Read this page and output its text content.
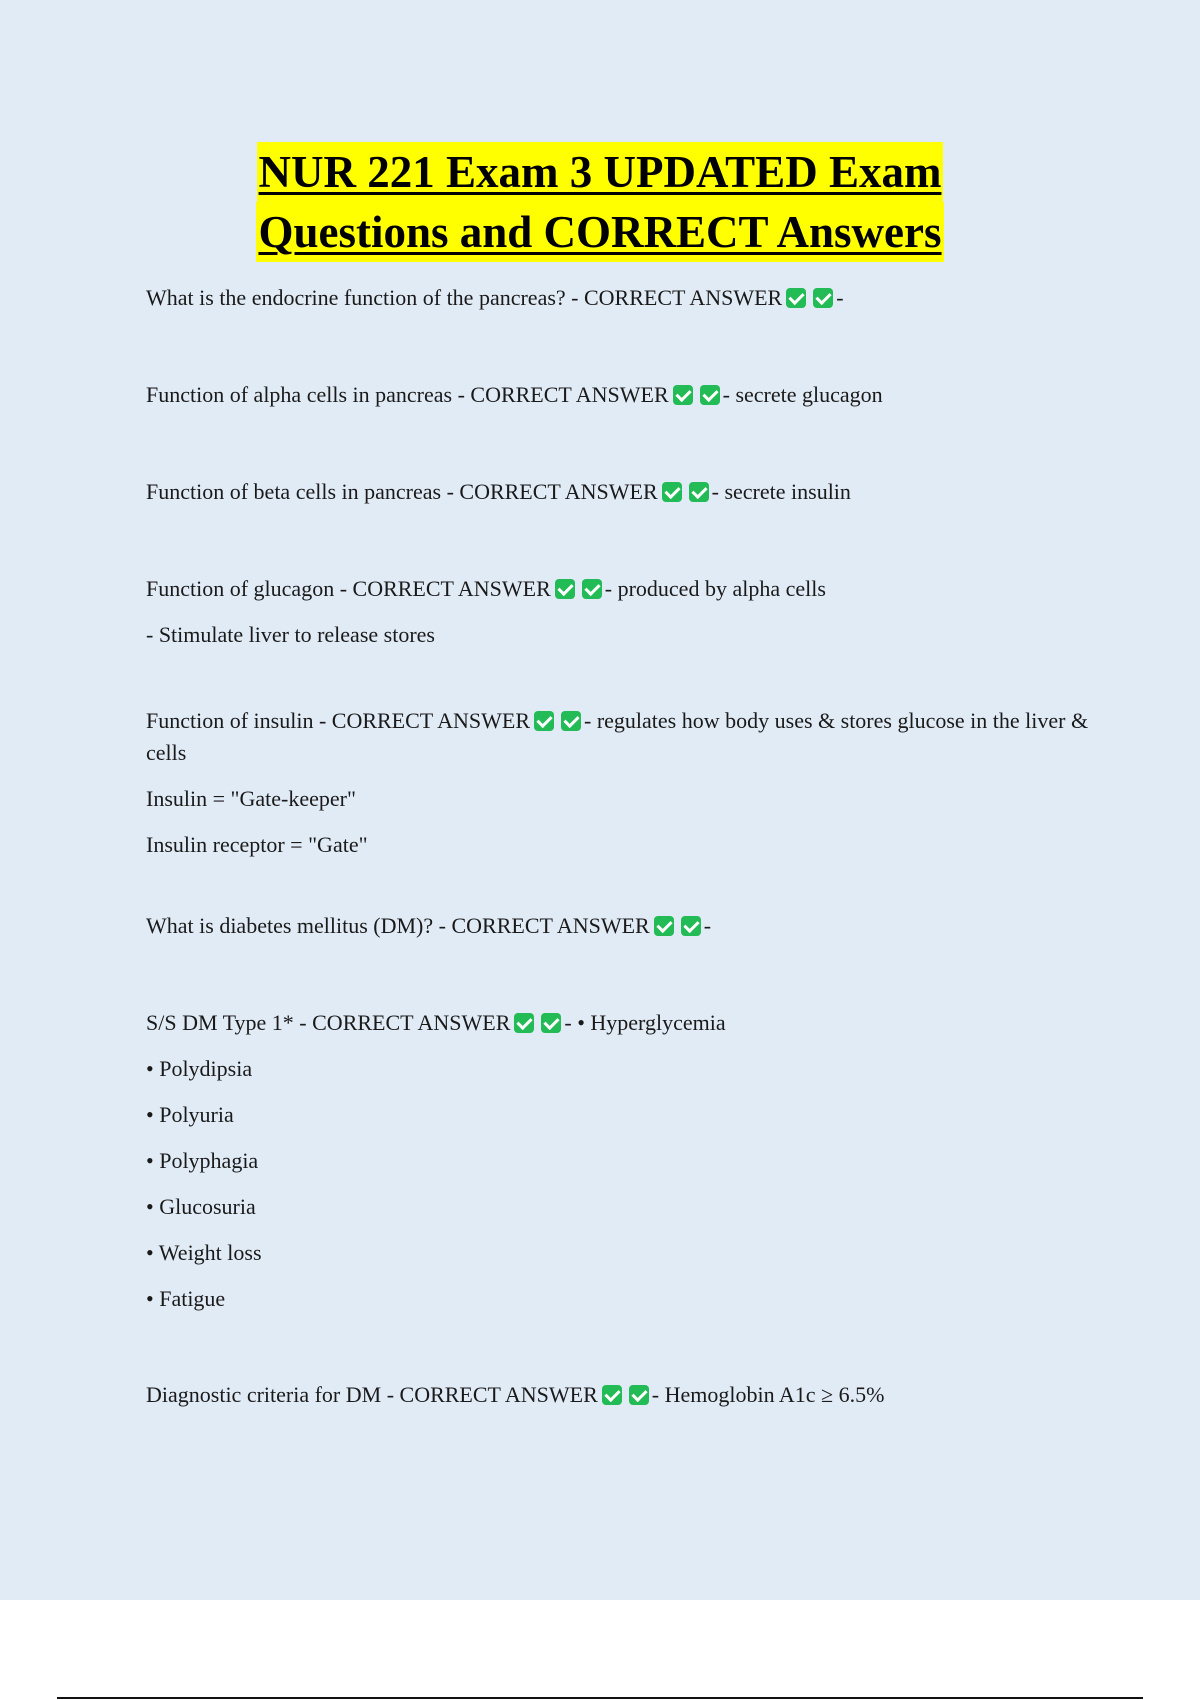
NUR 221 Exam 3 UPDATED Exam
Questions and CORRECT Answers
What is the endocrine function of the pancreas? - CORRECT ANSWER -
Function of alpha cells in pancreas - CORRECT ANSWER - secrete glucagon
Function of beta cells in pancreas - CORRECT ANSWER - secrete insulin
Function of glucagon - CORRECT ANSWER - produced by alpha cells
- Stimulate liver to release stores
Function of insulin - CORRECT ANSWER - regulates how body uses & stores glucose in the liver & cells
Insulin = "Gate-keeper"
Insulin receptor = "Gate"
What is diabetes mellitus (DM)? - CORRECT ANSWER -
S/S DM Type 1* - CORRECT ANSWER - • Hyperglycemia
• Polydipsia
• Polyuria
• Polyphagia
• Glucosuria
• Weight loss
• Fatigue
Diagnostic criteria for DM - CORRECT ANSWER - Hemoglobin A1c ≥ 6.5%
